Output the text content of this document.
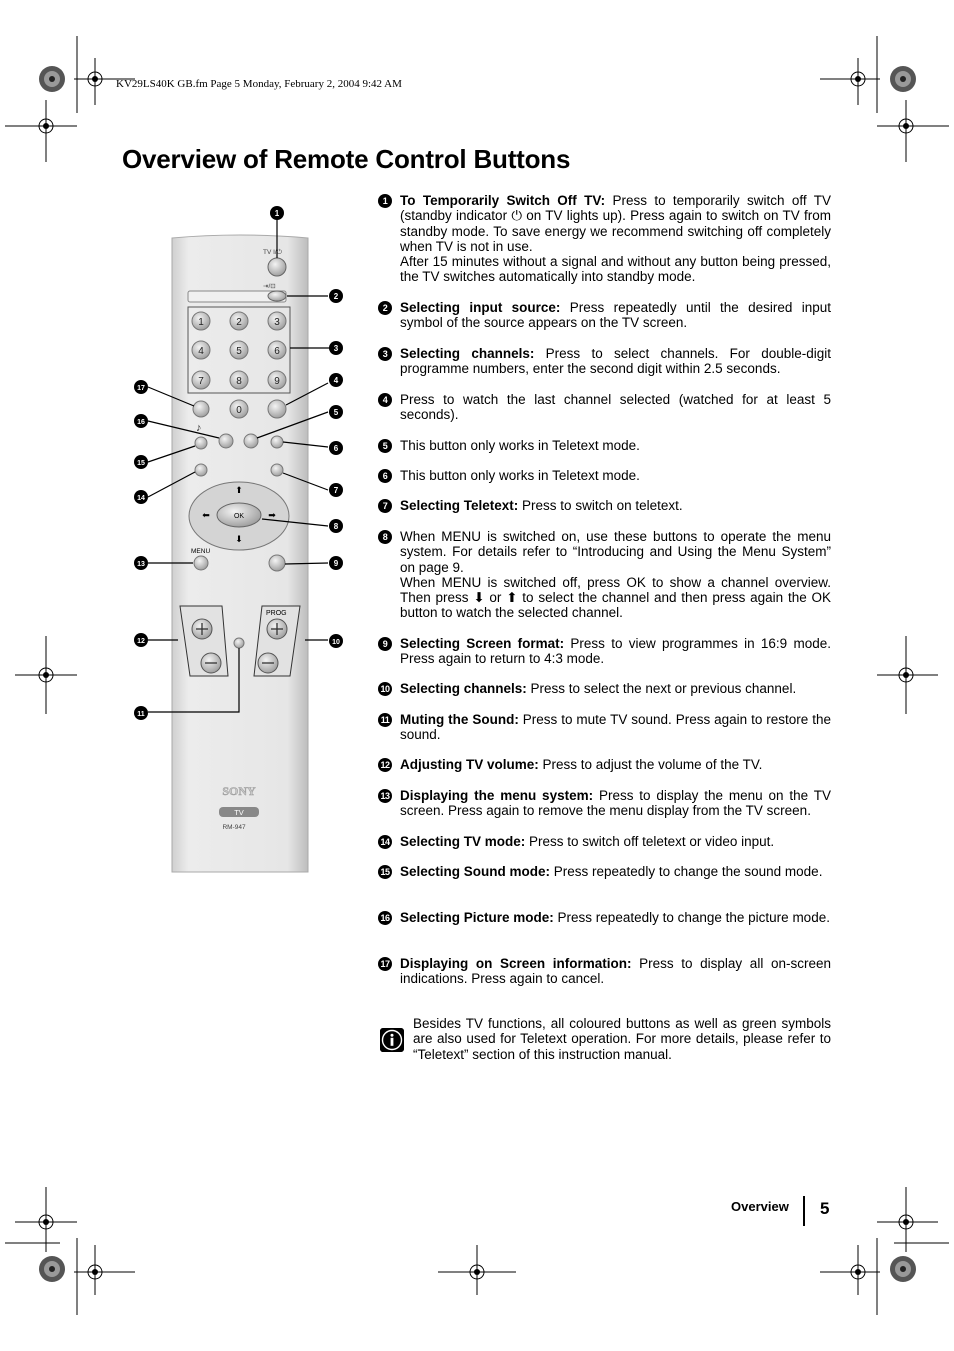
KV29LS40K GB.fm Page 5 Monday, February 2, 2004 9:42 AM
Overview of Remote Control Buttons
TV I/⏻
⇥/⊡
1	2	3
4	5	6
7	8	9
0
♪
OK
⬆
⬇
⬅	➡
MENU
PROG
SONY
TV
RM-947
1
2
3
4
5
6
7
8
9
10
11
12
13
14
15
16
17
1 To Temporarily Switch Off TV: Press to temporarily switch off TV (standby indicator ⏻ on TV lights up). Press again to switch on TV from standby mode. To save energy we recommend switching off completely when TV is not in use.
After 15 minutes without a signal and without any button being pressed, the TV switches automatically into standby mode.
2 Selecting input source: Press repeatedly until the desired input symbol of the source appears on the TV screen.
3 Selecting channels: Press to select channels. For double-digit programme numbers, enter the second digit within 2.5 seconds.
4 Press to watch the last channel selected (watched for at least 5 seconds).
5 This button only works in Teletext mode.
6 This button only works in Teletext mode.
7 Selecting Teletext: Press to switch on teletext.
8 When MENU is switched on, use these buttons to operate the menu system. For details refer to “Introducing and Using the Menu System” on page 9.
When MENU is switched off, press OK to show a channel overview. Then press ⬇ or ⬆ to select the channel and then press again the OK button to watch the selected channel.
9 Selecting Screen format: Press to view programmes in 16:9 mode. Press again to return to 4:3 mode.
10 Selecting channels: Press to select the next or previous channel.
11 Muting the Sound: Press to mute TV sound. Press again to restore the sound.
12 Adjusting TV volume: Press to adjust the volume of the TV.
13 Displaying the menu system: Press to display the menu on the TV screen. Press again to remove the menu display from the TV screen.
14 Selecting TV mode: Press to switch off teletext or video input.
15 Selecting Sound mode: Press repeatedly to change the sound mode.
16 Selecting Picture mode: Press repeatedly to change the picture mode.
17 Displaying on Screen information: Press to display all on-screen indications. Press again to cancel.
Besides TV functions, all coloured buttons as well as green symbols are also used for Teletext operation. For more details, please refer to “Teletext” section of this instruction manual.
Overview 5
